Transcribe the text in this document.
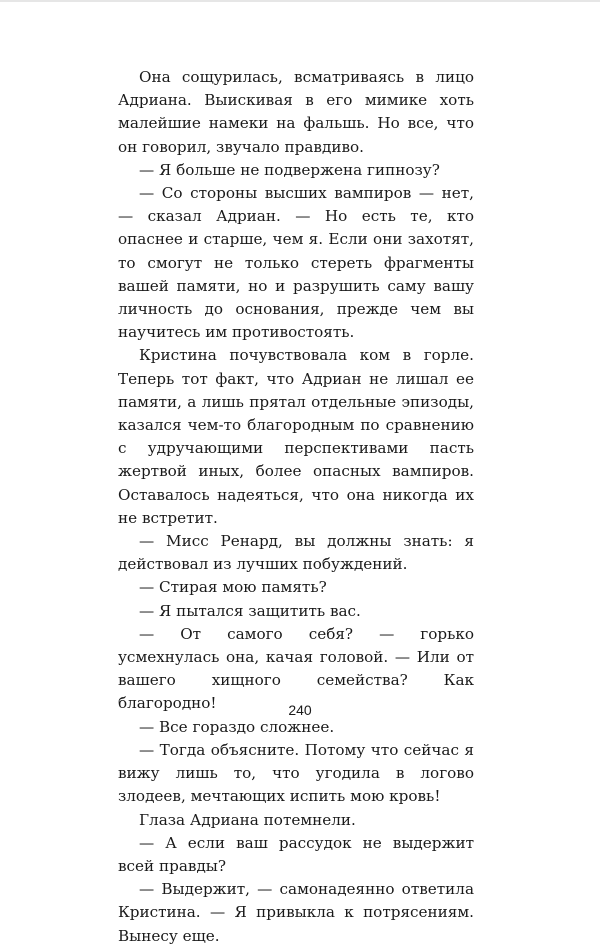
Она сощурилась, всматриваясь в лицо Адриана. Выискивая в его мимике хоть малейшие намеки на фальшь. Но все, что он говорил, звучало правдиво.

— Я больше не подвержена гипнозу?

— Со стороны высших вампиров — нет, — сказал Адриан. — Но есть те, кто опаснее и старше, чем я. Если они захотят, то смогут не только стереть фрагменты вашей памяти, но и разрушить саму вашу личность до основания, прежде чем вы научитесь им противостоять.

Кристина почувствовала ком в горле. Теперь тот факт, что Адриан не лишал ее памяти, а лишь прятал отдельные эпизоды, казался чем-то благородным по сравнению с удручающими перспективами пасть жертвой иных, более опасных вампиров. Оставалось надеяться, что она никогда их не встретит.

— Мисс Ренард, вы должны знать: я действовал из лучших побуждений.

— Стирая мою память?

— Я пытался защитить вас.

— От самого себя? — горько усмехнулась она, качая головой. — Или от вашего хищного семейства? Как благородно!

— Все гораздо сложнее.

— Тогда объясните. Потому что сейчас я вижу лишь то, что угодила в логово злодеев, мечтающих испить мою кровь!

Глаза Адриана потемнели.

— А если ваш рассудок не выдержит всей правды?

— Выдержит, — самонадеянно ответила Кристина. — Я привыкла к потрясениям. Вынесу еще.

240
